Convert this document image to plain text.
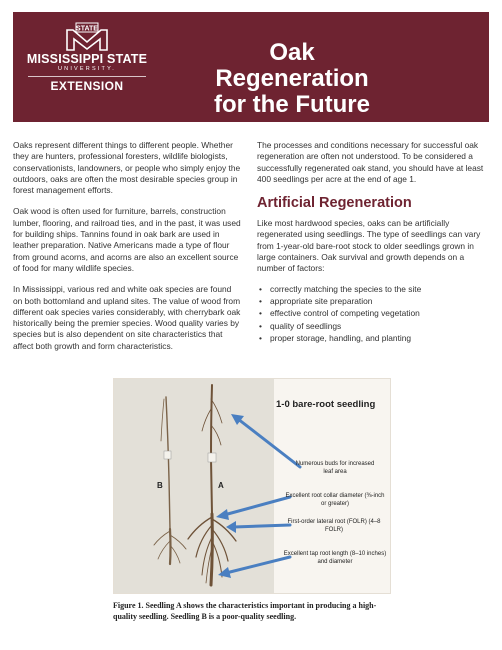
STATE
MISSISSIPPI STATE
UNIVERSITY.
EXTENSION
Oak Regeneration
for the Future

Oaks represent different things to different people. Whether they are hunters, professional foresters, wildlife biologists, conservationists, landowners, or people who simply enjoy the outdoors, oaks are often the most desirable species group in forest management efforts.

Oak wood is often used for furniture, barrels, construction lumber, flooring, and railroad ties, and in the past, it was used for building ships. Tannins found in oak bark are used in leather preparation. Native Americans made a type of flour from ground acorns, and acorns are also an excellent source of food for many wildlife species.

In Mississippi, various red and white oak species are found on both bottomland and upland sites. The value of wood from different oak species varies considerably, with cherrybark oak historically being the premier species. Wood quality varies by species but is also dependent on site characteristics that affect both growth and form characteristics.

The processes and conditions necessary for successful oak regeneration are often not understood. To be considered a successfully regenerated oak stand, you should have at least 400 seedlings per acre at the end of age 1.

Artificial Regeneration

Like most hardwood species, oaks can be artificially regenerated using seedlings. The type of seedlings can vary from 1-year-old bare-root stock to older seedlings grown in large containers. Oak survival and growth depends on a number of factors:

• correctly matching the species to the site
• appropriate site preparation
• effective control of competing vegetation
• quality of seedlings
• proper storage, handling, and planting
B	A
1-0 bare-root seedling
Numerous buds for increased leaf area
Excellent root collar diameter (⅜-inch or greater)
First-order lateral root (FOLR) (4–8 FOLR)
Excellent tap root length (8–10 inches) and diameter

Figure 1. Seedling A shows the characteristics important in producing a high-quality seedling. Seedling B is a poor-quality seedling.
